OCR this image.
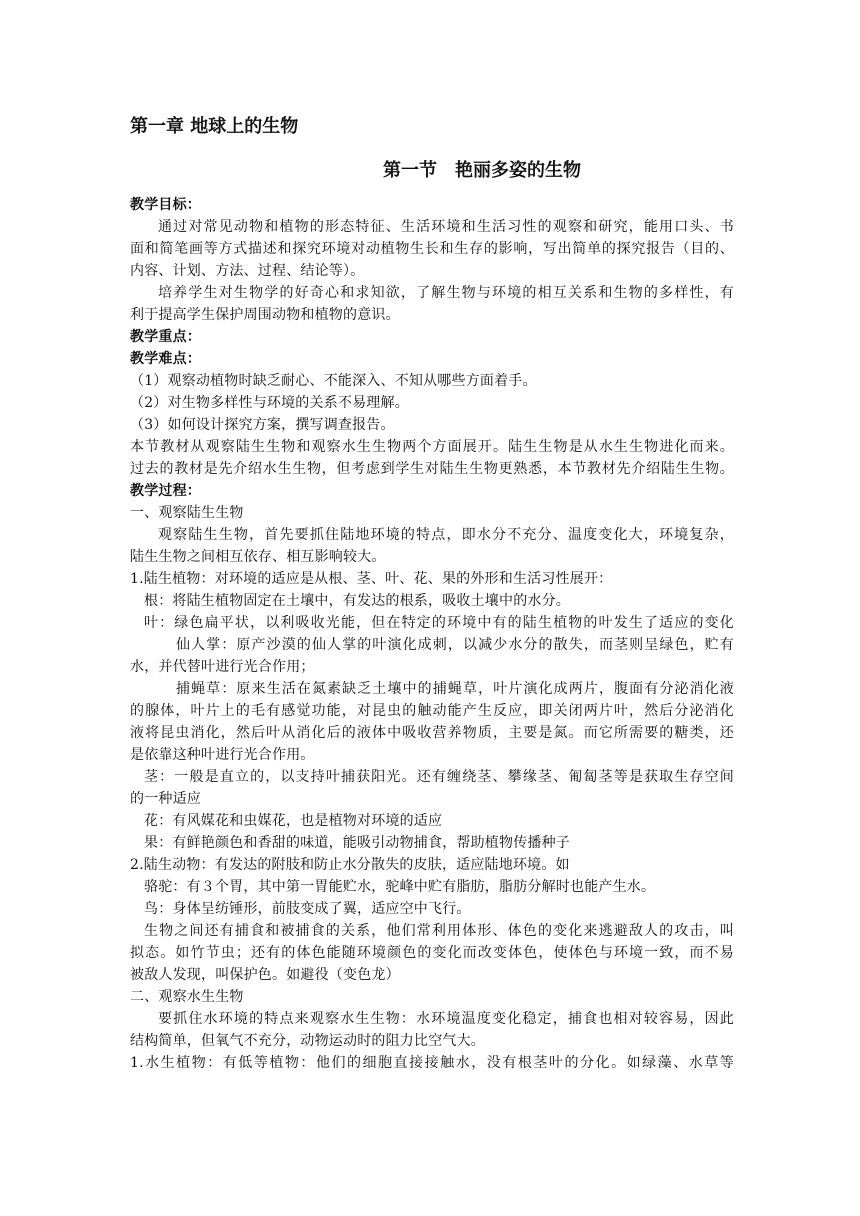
第一章 地球上的生物
第一节　艳丽多姿的生物
教学目标：
通过对常见动物和植物的形态特征、生活环境和生活习性的观察和研究，能用口头、书
面和简笔画等方式描述和探究环境对动植物生长和生存的影响，写出简单的探究报告（目的、
内容、计划、方法、过程、结论等）。
培养学生对生物学的好奇心和求知欲，了解生物与环境的相互关系和生物的多样性，有
利于提高学生保护周围动物和植物的意识。
教学重点：
教学难点：
（1）观察动植物时缺乏耐心、不能深入、不知从哪些方面着手。
（2）对生物多样性与环境的关系不易理解。
（3）如何设计探究方案，撰写调查报告。
本节教材从观察陆生生物和观察水生生物两个方面展开。陆生生物是从水生生物进化而来。
过去的教材是先介绍水生生物，但考虑到学生对陆生生物更熟悉，本节教材先介绍陆生生物。
教学过程：
一、观察陆生生物
观察陆生生物，首先要抓住陆地环境的特点，即水分不充分、温度变化大，环境复杂，
陆生生物之间相互依存、相互影响较大。
1.陆生植物：对环境的适应是从根、茎、叶、花、果的外形和生活习性展开：
根：将陆生植物固定在土壤中，有发达的根系，吸收土壤中的水分。
叶：绿色扁平状，以利吸收光能，但在特定的环境中有的陆生植物的叶发生了适应的变化
仙人掌：原产沙漠的仙人掌的叶演化成刺，以减少水分的散失，而茎则呈绿色，贮有
水，并代替叶进行光合作用；
捕蝇草：原来生活在氮素缺乏土壤中的捕蝇草，叶片演化成两片，腹面有分泌消化液
的腺体，叶片上的毛有感觉功能，对昆虫的触动能产生反应，即关闭两片叶，然后分泌消化
液将昆虫消化，然后叶从消化后的液体中吸收营养物质，主要是氮。而它所需要的糖类，还
是依靠这种叶进行光合作用。
茎：一般是直立的，以支持叶捕获阳光。还有缠绕茎、攀缘茎、匍匐茎等是获取生存空间
的一种适应
花：有风媒花和虫媒花，也是植物对环境的适应
果：有鲜艳颜色和香甜的味道，能吸引动物捕食，帮助植物传播种子
2.陆生动物：有发达的附肢和防止水分散失的皮肤，适应陆地环境。如
骆驼：有３个胃，其中第一胃能贮水，驼峰中贮有脂肪，脂肪分解时也能产生水。
鸟：身体呈纺锤形，前肢变成了翼，适应空中飞行。
生物之间还有捕食和被捕食的关系，他们常利用体形、体色的变化来逃避敌人的攻击，叫
拟态。如竹节虫；还有的体色能随环境颜色的变化而改变体色，使体色与环境一致，而不易
被敌人发现，叫保护色。如避役（变色龙）
二、观察水生生物
要抓住水环境的特点来观察水生生物：水环境温度变化稳定，捕食也相对较容易，因此
结构简单，但氧气不充分，动物运动时的阻力比空气大。
1.水生植物：有低等植物：他们的细胞直接接触水，没有根茎叶的分化。如绿藻、水草等
